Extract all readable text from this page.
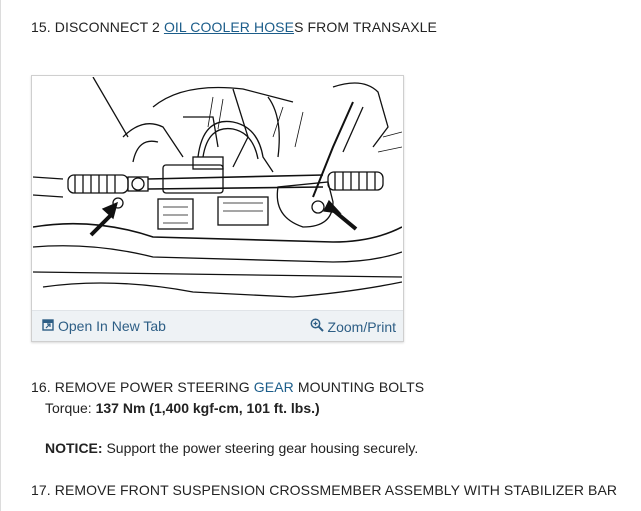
15. DISCONNECT 2 OIL COOLER HOSES FROM TRANSAXLE
Open In New Tab	Zoom/Print
16. REMOVE POWER STEERING GEAR MOUNTING BOLTS
Torque: 137 Nm (1,400 kgf-cm, 101 ft. lbs.)
NOTICE: Support the power steering gear housing securely.
17. REMOVE FRONT SUSPENSION CROSSMEMBER ASSEMBLY WITH STABILIZER BAR
